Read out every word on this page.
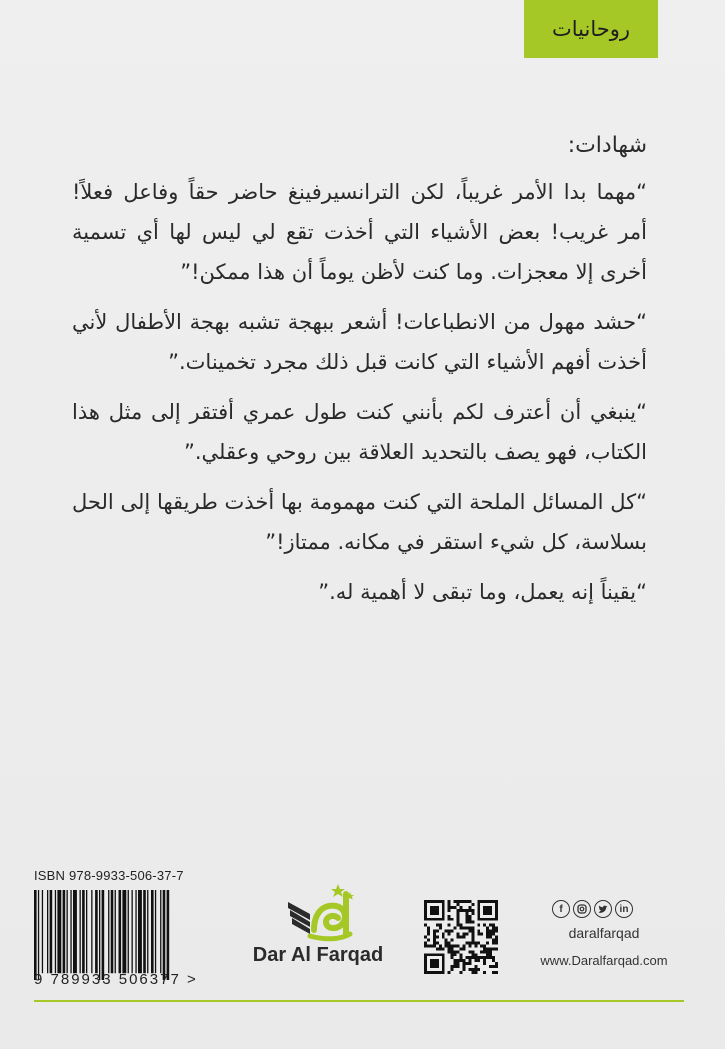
روحانيات
شهادات:

“مهما بدا الأمر غريباً، لكن الترانسيرفينغ حاضر حقاً وفاعل فعلاً! أمر غريب! بعض الأشياء التي أخذت تقع لي ليس لها أي تسمية أخرى إلا معجزات. وما كنت لأظن يوماً أن هذا ممكن!”

“حشد مهول من الانطباعات! أشعر ببهجة تشبه بهجة الأطفال لأني أخذت أفهم الأشياء التي كانت قبل ذلك مجرد تخمينات.”

“ينبغي أن أعترف لكم بأنني كنت طول عمري أفتقر إلى مثل هذا الكتاب، فهو يصف بالتحديد العلاقة بين روحي وعقلي.”

“كل المسائل الملحة التي كنت مهمومة بها أخذت طريقها إلى الحل بسلاسة، كل شيء استقر في مكانه. ممتاز!”

“يقيناً إنه يعمل، وما تبقى لا أهمية له.”

ISBN 978-9933-506-37-7
9 789933 506377 >
Dar Al Farqad
f	in
daralfarqad
www.Daralfarqad.com
